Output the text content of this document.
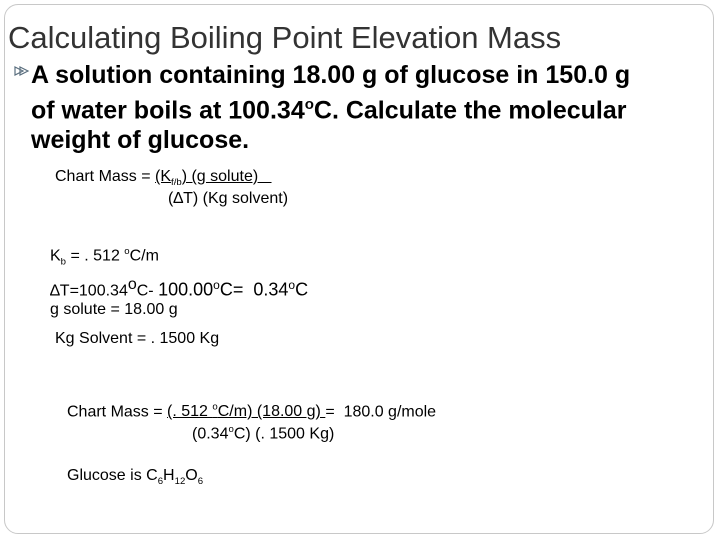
Calculating Boiling Point Elevation Mass
A solution containing 18.00 g of glucose in 150.0 g
of water boils at 100.34$^o$C. Calculate the molecular
weight of glucose.
Chart Mass = $(K_{f/b})$ (g solute)
(∆T) (Kg solvent)
$K_b$ = . 512 $^o$C/m
$\Delta T=100.34^oC-$ $100.00^oC= 0.34^oC$
g solute = 18.00 g
Kg Solvent = . 1500 Kg
Chart Mass = (. 512 $^o$C/m) (18.00 g) =  180.0 g/mole
(0.34$^o$C) (. 1500 Kg)
Glucose is $C_6H_{12}O_6$
